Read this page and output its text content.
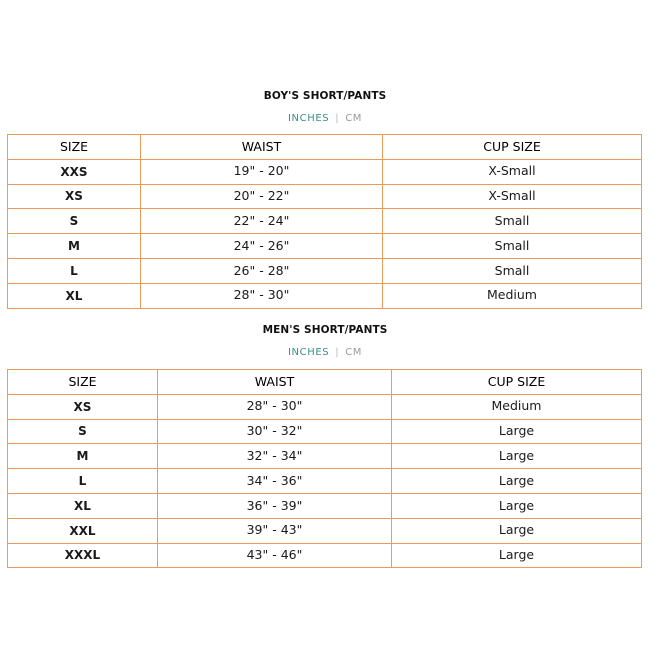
BOY'S SHORT/PANTS
INCHES | CM
SIZE	WAIST	CUP SIZE
XXS	19" - 20"	X-Small
XS	20" - 22"	X-Small
S	22" - 24"	Small
M	24" - 26"	Small
L	26" - 28"	Small
XL	28" - 30"	Medium
MEN'S SHORT/PANTS
INCHES | CM
SIZE	WAIST	CUP SIZE
XS	28" - 30"	Medium
S	30" - 32"	Large
M	32" - 34"	Large
L	34" - 36"	Large
XL	36" - 39"	Large
XXL	39" - 43"	Large
XXXL	43" - 46"	Large
